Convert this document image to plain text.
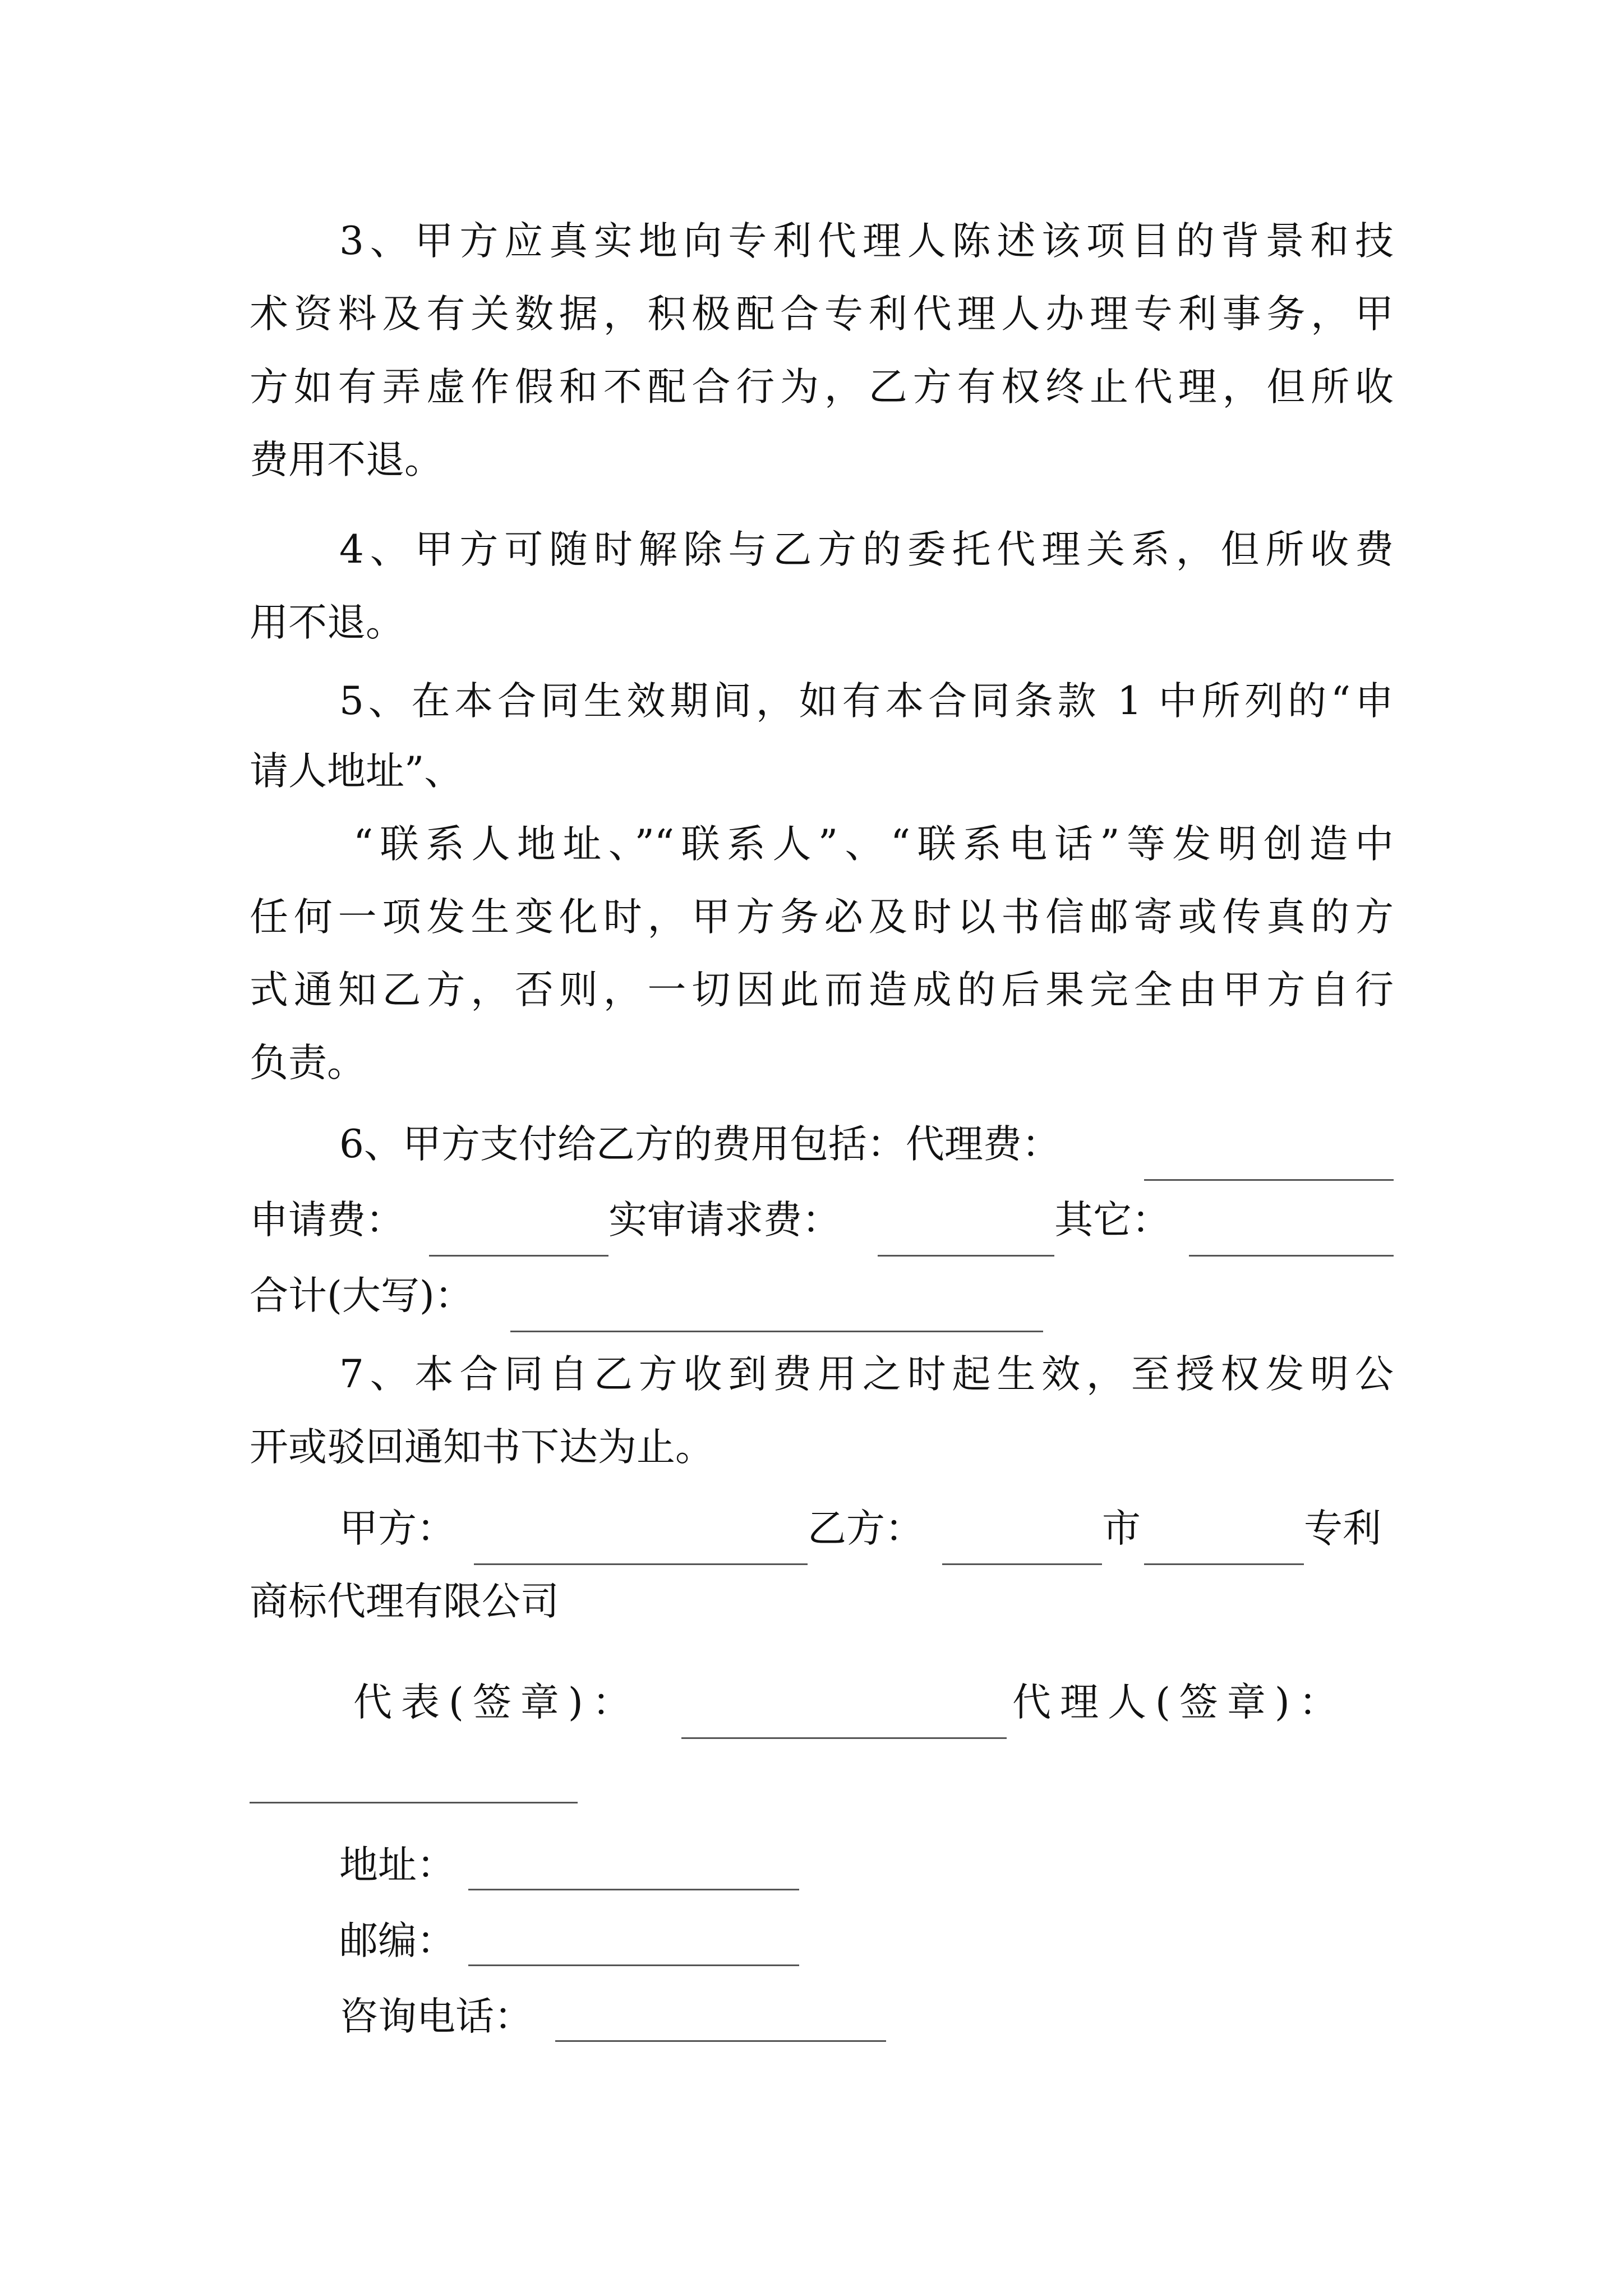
3、甲方应真实地向专利代理人陈述该项目的背景和技
术资料及有关数据，积极配合专利代理人办理专利事务，甲
方如有弄虚作假和不配合行为，乙方有权终止代理，但所收
费用不退。
4、甲方可随时解除与乙方的委托代理关系，但所收费
用不退。
5、在本合同生效期间，如有本合同条款 1 中所列的“申
请人地址”、
“联系人地址、”“联系人”、“联系电话”等发明创造中
任何一项发生变化时，甲方务必及时以书信邮寄或传真的方
式通知乙方，否则，一切因此而造成的后果完全由甲方自行
负责。
6、甲方支付给乙方的费用包括：代理费：
申请费：	实审请求费：	其它：
合计(大写)：
7、本合同自乙方收到费用之时起生效，至授权发明公
开或驳回通知书下达为止。
甲方：	乙方：	市	专利
商标代理有限公司
代表(签章)：	代理人(签章)：
地址：
邮编：
咨询电话：
